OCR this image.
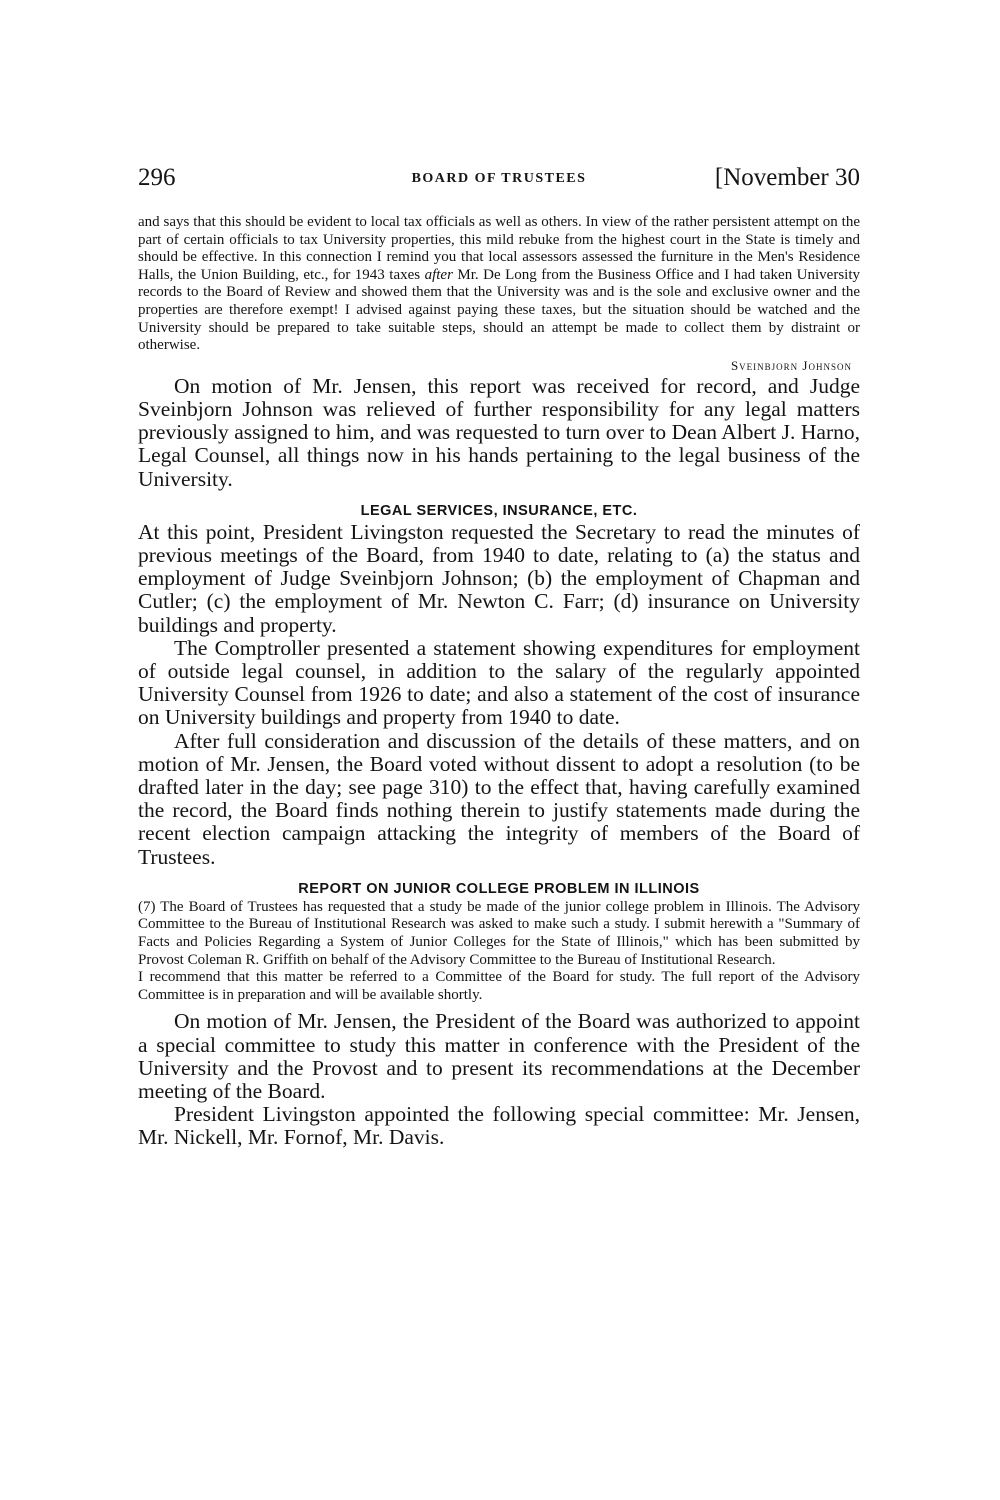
296	BOARD OF TRUSTEES	[November 30

and says that this should be evident to local tax officials as well as others. In view of the rather persistent attempt on the part of certain officials to tax University properties, this mild rebuke from the highest court in the State is timely and should be effective. In this connection I remind you that local assessors assessed the furniture in the Men's Residence Halls, the Union Building, etc., for 1943 taxes after Mr. De Long from the Business Office and I had taken University records to the Board of Review and showed them that the University was and is the sole and exclusive owner and the properties are therefore exempt! I advised against paying these taxes, but the situation should be watched and the University should be prepared to take suitable steps, should an attempt be made to collect them by distraint or otherwise.

Sveinbjorn Johnson

On motion of Mr. Jensen, this report was received for record, and Judge Sveinbjorn Johnson was relieved of further responsibility for any legal matters previously assigned to him, and was requested to turn over to Dean Albert J. Harno, Legal Counsel, all things now in his hands pertaining to the legal business of the University.

LEGAL SERVICES, INSURANCE, ETC.

At this point, President Livingston requested the Secretary to read the minutes of previous meetings of the Board, from 1940 to date, relating to (a) the status and employment of Judge Sveinbjorn Johnson; (b) the employment of Chapman and Cutler; (c) the employment of Mr. Newton C. Farr; (d) insurance on University buildings and property.

The Comptroller presented a statement showing expenditures for employment of outside legal counsel, in addition to the salary of the regularly appointed University Counsel from 1926 to date; and also a statement of the cost of insurance on University buildings and property from 1940 to date.

After full consideration and discussion of the details of these matters, and on motion of Mr. Jensen, the Board voted without dissent to adopt a resolution (to be drafted later in the day; see page 310) to the effect that, having carefully examined the record, the Board finds nothing therein to justify statements made during the recent election campaign attacking the integrity of members of the Board of Trustees.

REPORT ON JUNIOR COLLEGE PROBLEM IN ILLINOIS

(7) The Board of Trustees has requested that a study be made of the junior college problem in Illinois. The Advisory Committee to the Bureau of Institutional Research was asked to make such a study. I submit herewith a "Summary of Facts and Policies Regarding a System of Junior Colleges for the State of Illinois," which has been submitted by Provost Coleman R. Griffith on behalf of the Advisory Committee to the Bureau of Institutional Research.

I recommend that this matter be referred to a Committee of the Board for study. The full report of the Advisory Committee is in preparation and will be available shortly.

On motion of Mr. Jensen, the President of the Board was authorized to appoint a special committee to study this matter in conference with the President of the University and the Provost and to present its recommendations at the December meeting of the Board.

President Livingston appointed the following special committee: Mr. Jensen, Mr. Nickell, Mr. Fornof, Mr. Davis.
